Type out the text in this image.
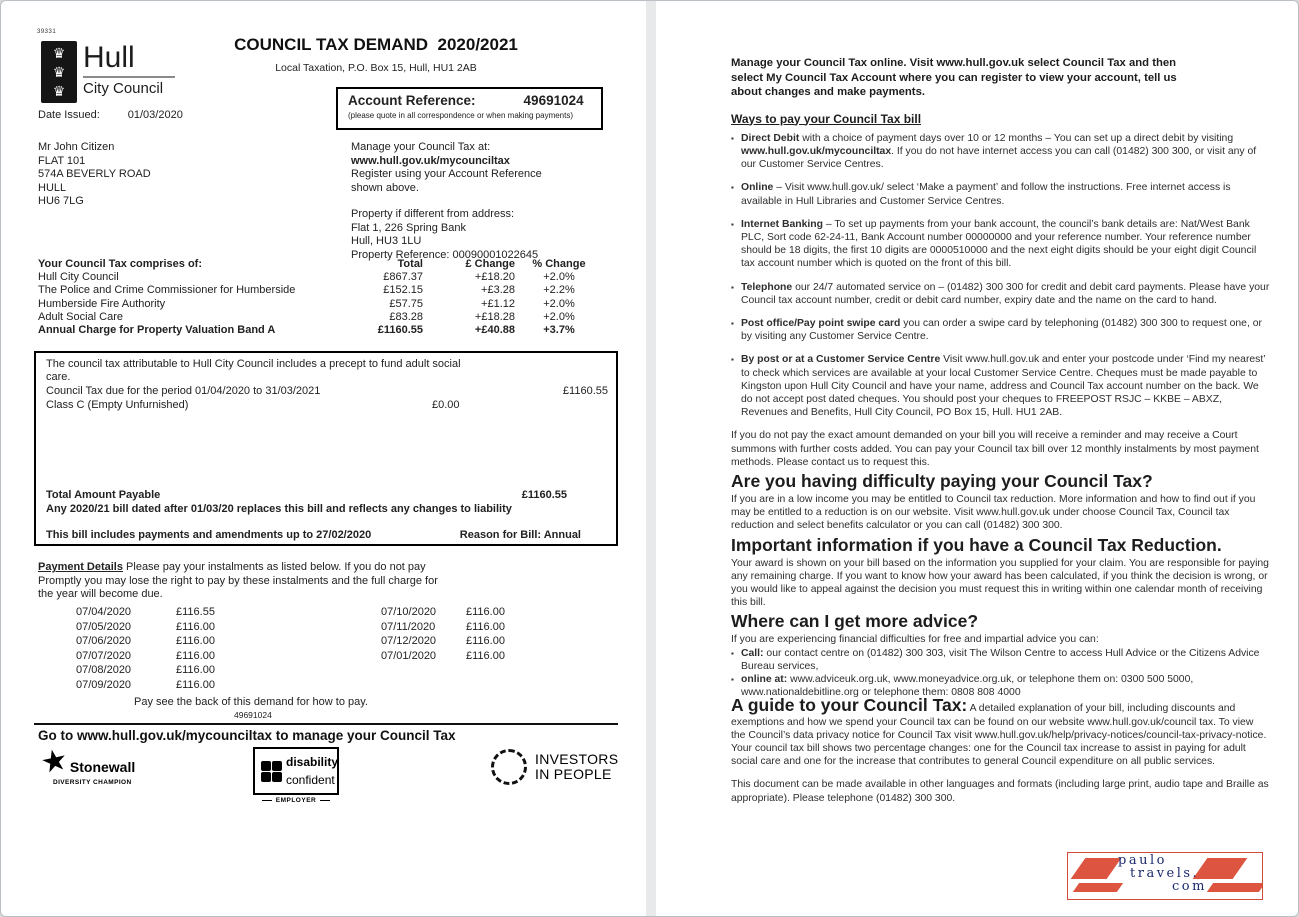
39331
♛
♛
♛
Hull
City Council
COUNCIL TAX DEMAND  2020/2021
Local Taxation, P.O. Box 15, Hull, HU1 2AB
Date Issued:	01/03/2020
Account Reference:	49691024
(please quote in all correspondence or when making payments)
Mr John Citizen
FLAT 101
574A BEVERLY ROAD
HULL
HU6 7LG
Manage your Council Tax at:
www.hull.gov.uk/mycounciltax
Register using your Account Reference
shown above.
Property if different from address:
Flat 1, 226 Spring Bank
Hull, HU3 1LU
Property Reference: 00090001022645
Your Council Tax comprises of:	Total	£ Change	% Change
Hull City Council	£867.37	+£18.20	+2.0%
The Police and Crime Commissioner for Humberside	£152.15	+£3.28	+2.2%
Humberside Fire Authority	£57.75	+£1.12	+2.0%
Adult Social Care	£83.28	+£18.28	+2.0%
Annual Charge for Property Valuation Band A	£1160.55	+£40.88	+3.7%
The council tax attributable to Hull City Council includes a precept to fund adult social
care.
Council Tax due for the period 01/04/2020 to 31/03/2021	£1160.55
Class C (Empty Unfurnished)	£0.00
Total Amount Payable	£1160.55
Any 2020/21 bill dated after 01/03/20 replaces this bill and reflects any changes to liability
This bill includes payments and amendments up to 27/02/2020	Reason for Bill: Annual
Payment Details Please pay your instalments as listed below. If you do not pay
Promptly you may lose the right to pay by these instalments and the full charge for
the year will become due.
07/04/2020	£116.55
07/05/2020	£116.00
07/06/2020	£116.00
07/07/2020	£116.00
07/08/2020	£116.00
07/09/2020	£116.00
07/10/2020	£116.00
07/11/2020	£116.00
07/12/2020	£116.00
07/01/2020	£116.00
Pay see the back of this demand for how to pay.
49691024
Go to www.hull.gov.uk/mycounciltax to manage your Council Tax
★
Stonewall
DIVERSITY CHAMPION
disability confident
EMPLOYER
INVESTORS
IN PEOPLE

Manage your Council Tax online. Visit www.hull.gov.uk select Council Tax and then select My Council Tax Account where you can register to view your account, tell us about changes and make payments.

Ways to pay your Council Tax bill

▪ Direct Debit with a choice of payment days over 10 or 12 months – You can set up a direct debit by visiting www.hull.gov.uk/mycounciltax. If you do not have internet access you can call (01482) 300 300, or visit any of our Customer Service Centres.

▪ Online – Visit www.hull.gov.uk/ select ‘Make a payment’ and follow the instructions. Free internet access is available in Hull Libraries and Customer Service Centres.

▪ Internet Banking – To set up payments from your bank account, the council’s bank details are: Nat/West Bank PLC, Sort code 62-24-11, Bank Account number 00000000 and your reference number. Your reference number should be 18 digits, the first 10 digits are 0000510000 and the next eight digits should be your eight digit Council tax account number which is quoted on the front of this bill.

▪ Telephone our 24/7 automated service on – (01482) 300 300 for credit and debit card payments. Please have your Council tax account number, credit or debit card number, expiry date and the name on the card to hand.

▪ Post office/Pay point swipe card you can order a swipe card by telephoning (01482) 300 300 to request one, or by visiting any Customer Service Centre.

▪ By post or at a Customer Service Centre Visit www.hull.gov.uk and enter your postcode under ‘Find my nearest’ to check which services are available at your local Customer Service Centre. Cheques must be made payable to Kingston upon Hull City Council and have your name, address and Council Tax account number on the back. We do not accept post dated cheques. You should post your cheques to FREEPOST RSJC – KKBE – ABXZ, Revenues and Benefits, Hull City Council, PO Box 15, Hull. HU1 2AB.

If you do not pay the exact amount demanded on your bill you will receive a reminder and may receive a Court summons with further costs added. You can pay your Council tax bill over 12 monthly instalments by most payment methods. Please contact us to request this.

Are you having difficulty paying your Council Tax?

If you are in a low income you may be entitled to Council tax reduction. More information and how to find out if you may be entitled to a reduction is on our website. Visit www.hull.gov.uk under choose Council Tax, Council tax reduction and select benefits calculator or you can call (01482) 300 300.

Important information if you have a Council Tax Reduction.

Your award is shown on your bill based on the information you supplied for your claim. You are responsible for paying any remaining charge. If you want to know how your award has been calculated, if you think the decision is wrong, or you would like to appeal against the decision you must request this in writing within one calendar month of receiving this bill.

Where can I get more advice?

If you are experiencing financial difficulties for free and impartial advice you can:

▪ Call: our contact centre on (01482) 300 303, visit The Wilson Centre to access Hull Advice or the Citizens Advice Bureau services,

▪ online at: www.adviceuk.org.uk, www.moneyadvice.org.uk, or telephone them on: 0300 500 5000, www.nationaldebitline.org or telephone them: 0808 808 4000

A guide to your Council Tax: A detailed explanation of your bill, including discounts and exemptions and how we spend your Council tax can be found on our website www.hull.gov.uk/council tax. To view the Council’s data privacy notice for Council Tax visit www.hull.gov.uk/help/privacy-notices/council-tax-privacy-notice. Your council tax bill shows two percentage changes: one for the Council tax increase to assist in paying for adult social care and one for the increase that contributes to general Council expenditure on all public services.

This document can be made available in other languages and formats (including large print, audio tape and Braille as appropriate). Please telephone (01482) 300 300.

paulo
travels.
com
